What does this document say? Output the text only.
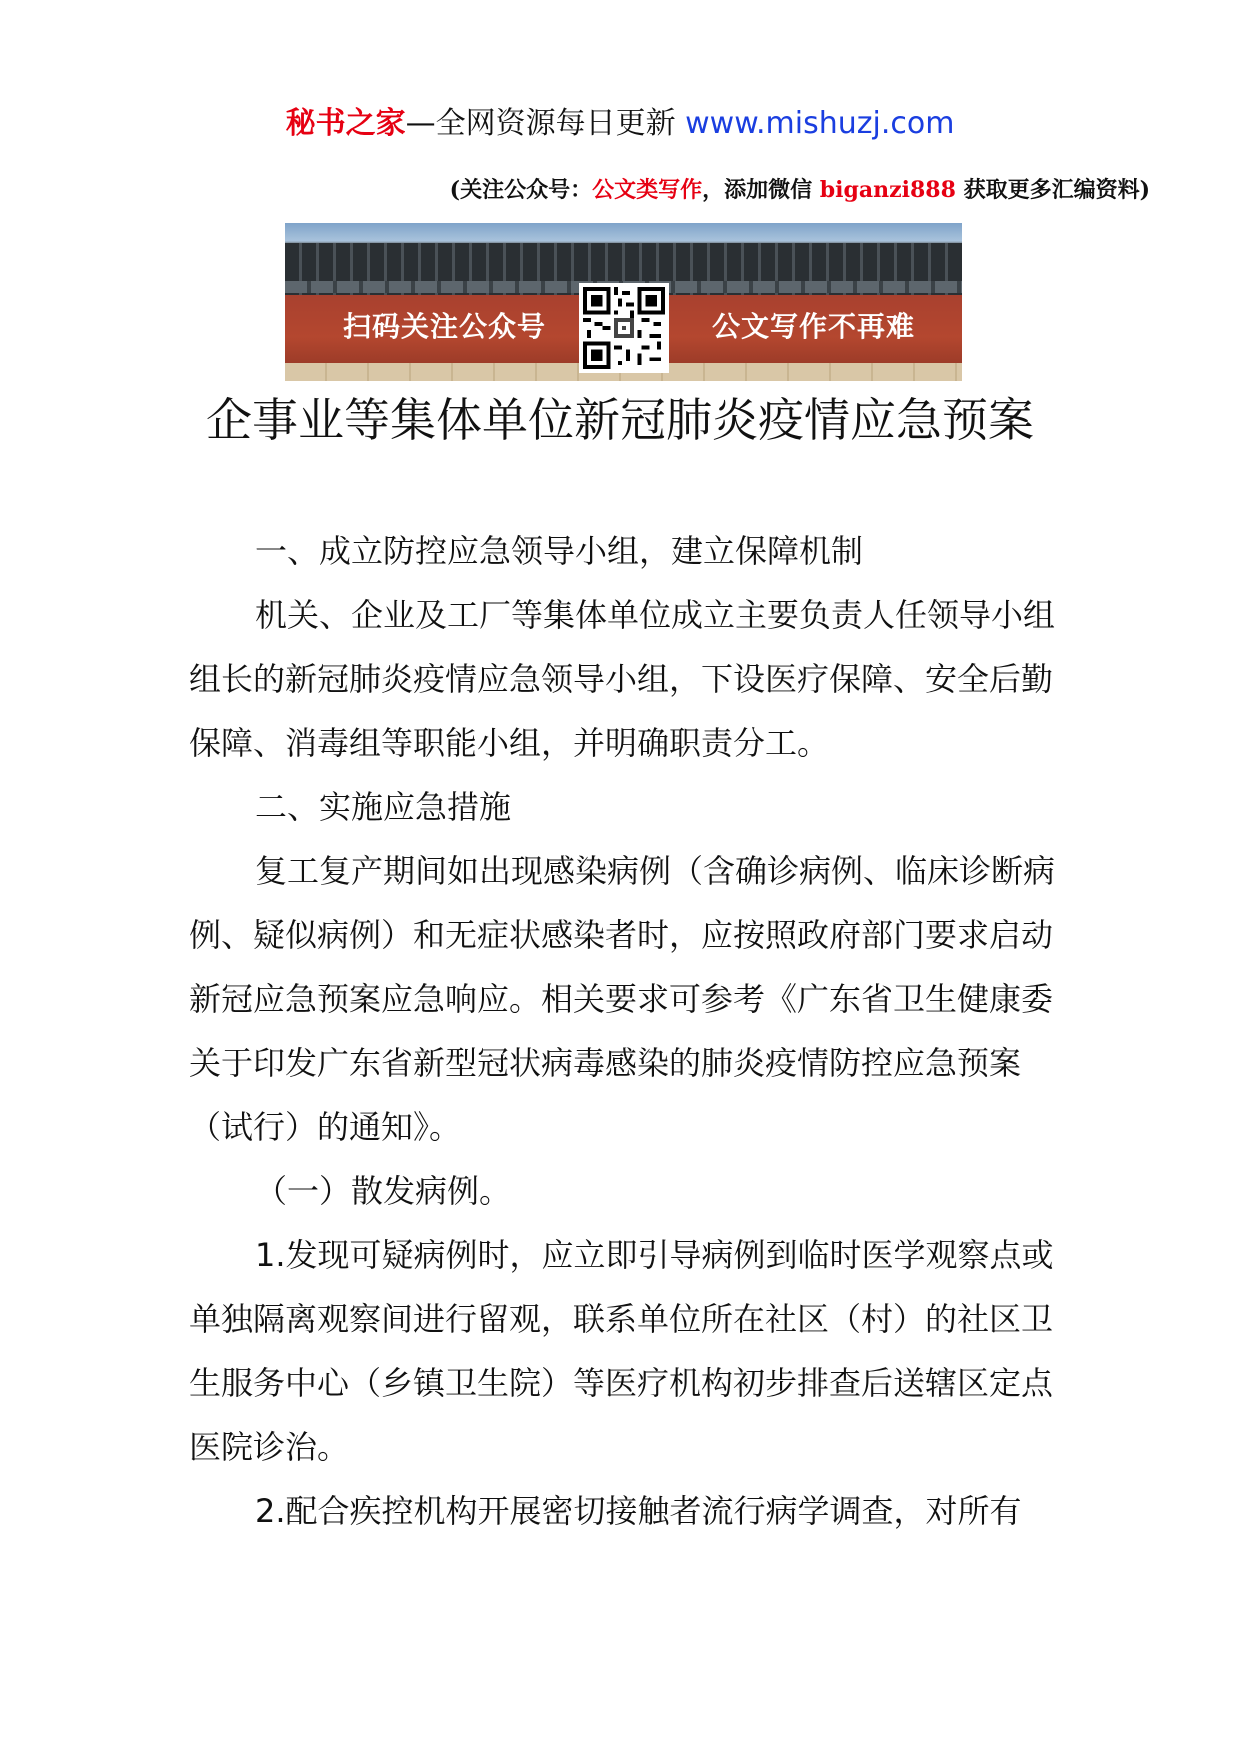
秘书之家—全网资源每日更新 www.mishuzj.com
(关注公众号：公文类写作，添加微信 biganzi888 获取更多汇编资料)
扫码关注公众号	公文写作不再难
企事业等集体单位新冠肺炎疫情应急预案

一、成立防控应急领导小组，建立保障机制

机关、企业及工厂等集体单位成立主要负责人任领导小组组长的新冠肺炎疫情应急领导小组，下设医疗保障、安全后勤保障、消毒组等职能小组，并明确职责分工。

二、实施应急措施

复工复产期间如出现感染病例（含确诊病例、临床诊断病例、疑似病例）和无症状感染者时，应按照政府部门要求启动新冠应急预案应急响应。相关要求可参考《广东省卫生健康委关于印发广东省新型冠状病毒感染的肺炎疫情防控应急预案（试行）的通知》。

（一）散发病例。

1.发现可疑病例时，应立即引导病例到临时医学观察点或单独隔离观察间进行留观，联系单位所在社区（村）的社区卫生服务中心（乡镇卫生院）等医疗机构初步排查后送辖区定点医院诊治。

2.配合疾控机构开展密切接触者流行病学调查，对所有
